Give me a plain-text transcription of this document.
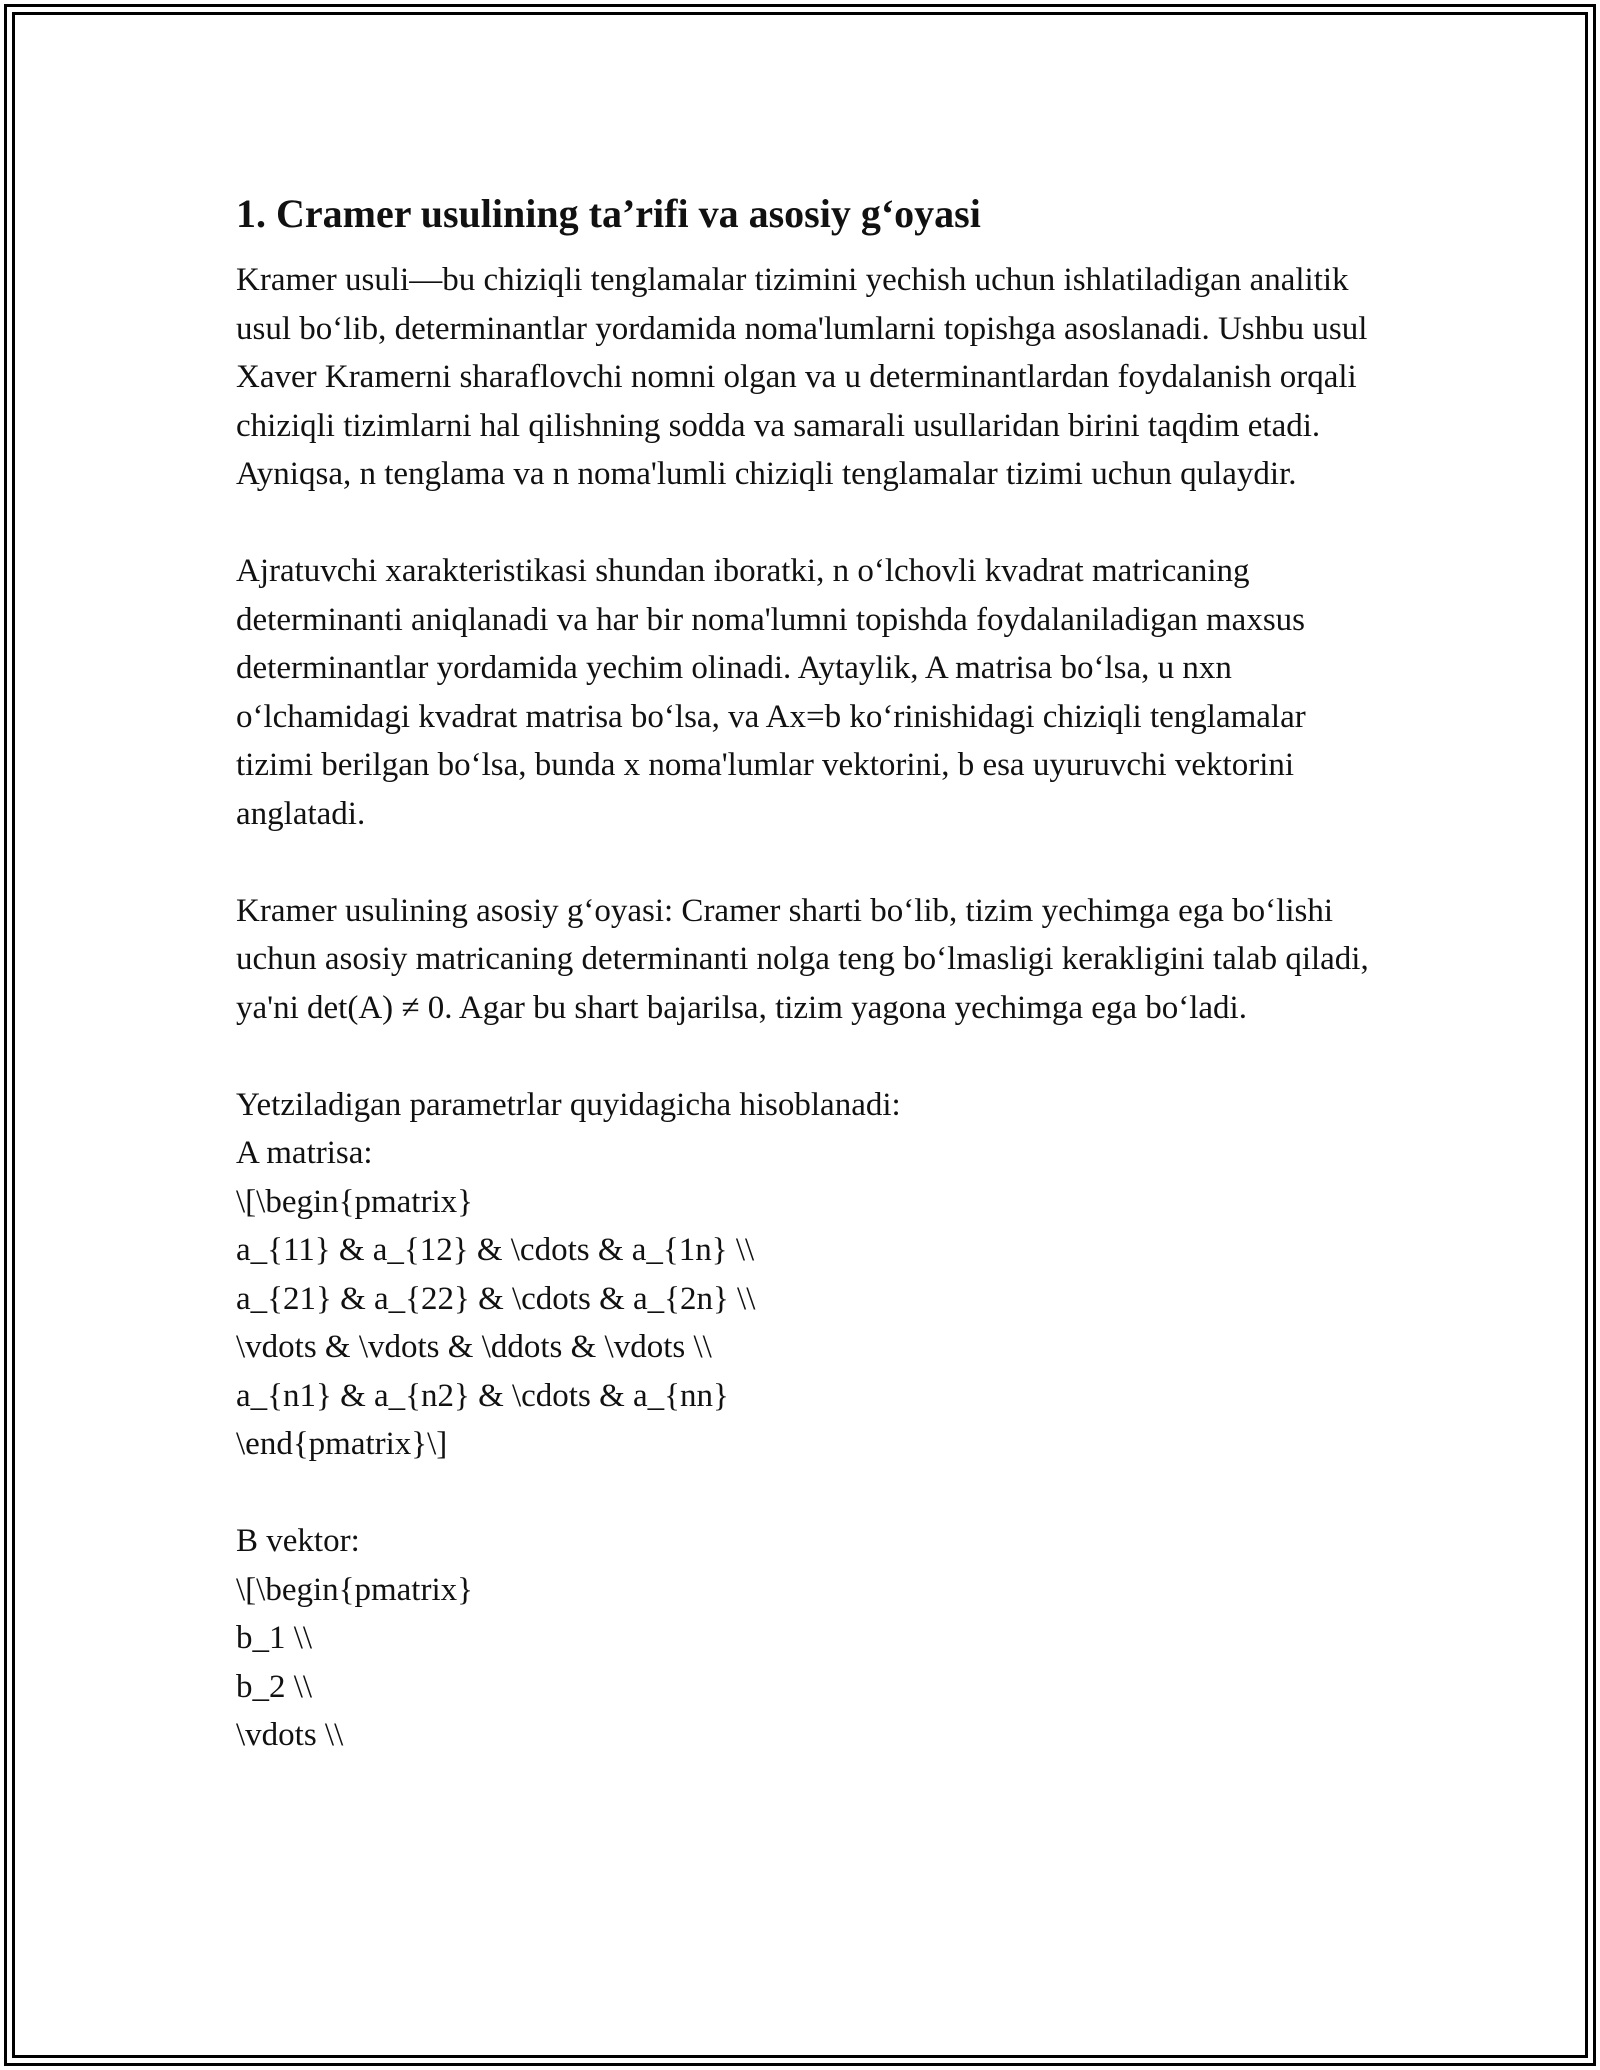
1. Cramer usulining ta’rifi va asosiy g‘oyasi

Kramer usuli—bu chiziqli tenglamalar tizimini yechish uchun ishlatiladigan analitik usul bo‘lib, determinantlar yordamida noma'lumlarni topishga asoslanadi. Ushbu usul Xaver Kramerni sharaflovchi nomni olgan va u determinantlardan foydalanish orqali chiziqli tizimlarni hal qilishning sodda va samarali usullaridan birini taqdim etadi. Ayniqsa, n tenglama va n noma'lumli chiziqli tenglamalar tizimi uchun qulaydir.

Ajratuvchi xarakteristikasi shundan iboratki, n o‘lchovli kvadrat matricaning determinanti aniqlanadi va har bir noma'lumni topishda foydalaniladigan maxsus determinantlar yordamida yechim olinadi. Aytaylik, A matrisa bo‘lsa, u nxn o‘lchamidagi kvadrat matrisa bo‘lsa, va Ax=b ko‘rinishidagi chiziqli tenglamalar tizimi berilgan bo‘lsa, bunda x noma'lumlar vektorini, b esa uyuruvchi vektorini anglatadi.

Kramer usulining asosiy g‘oyasi: Cramer sharti bo‘lib, tizim yechimga ega bo‘lishi uchun asosiy matricaning determinanti nolga teng bo‘lmasligi kerakligini talab qiladi, ya'ni det(A) ≠ 0. Agar bu shart bajarilsa, tizim yagona yechimga ega bo‘ladi.

Yetziladigan parametrlar quyidagicha hisoblanadi:
A matrisa:
\[\begin{pmatrix}
a_{11} & a_{12} & \cdots & a_{1n} \\
a_{21} & a_{22} & \cdots & a_{2n} \\
\vdots & \vdots & \ddots & \vdots \\
a_{n1} & a_{n2} & \cdots & a_{nn}
\end{pmatrix}\]
B vektor:
\[\begin{pmatrix}
b_1 \\
b_2 \\
\vdots \\
